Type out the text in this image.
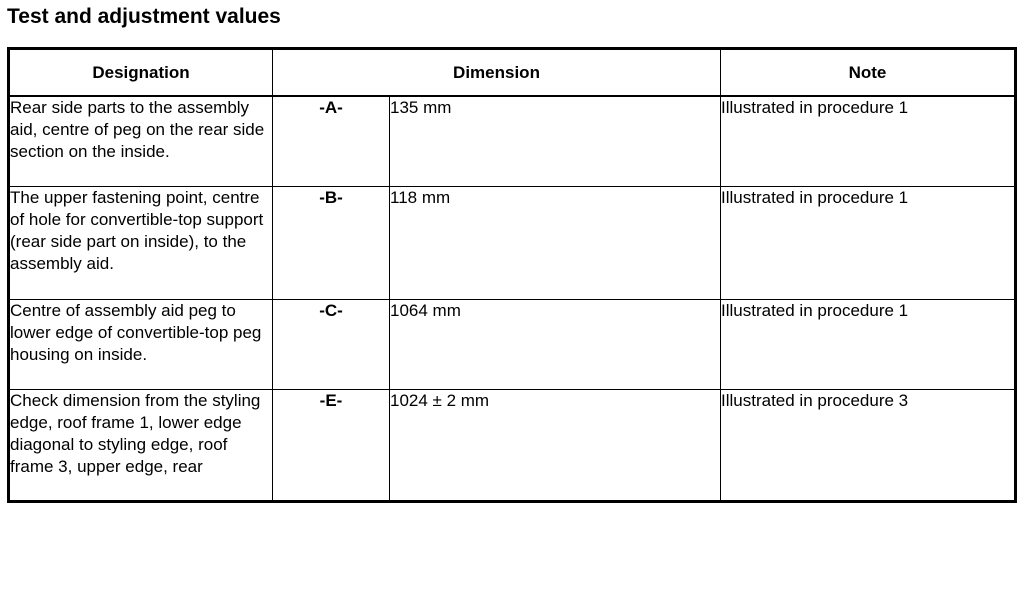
Test and adjustment values
Designation	Dimension		Note
Rear side parts to the assembly aid, centre of peg on the rear side section on the inside.	-A-	135 mm	Illustrated in procedure 1
The upper fastening point, centre of hole for convertible-top support (rear side part on inside), to the assembly aid.	-B-	118 mm	Illustrated in procedure 1
Centre of assembly aid peg to lower edge of convertible-top peg housing on inside.	-C-	1064 mm	Illustrated in procedure 1
Check dimension from the styling edge, roof frame 1, lower edge diagonal to styling edge, roof frame 3, upper edge, rear	-E-	1024 ± 2 mm	Illustrated in procedure 3
